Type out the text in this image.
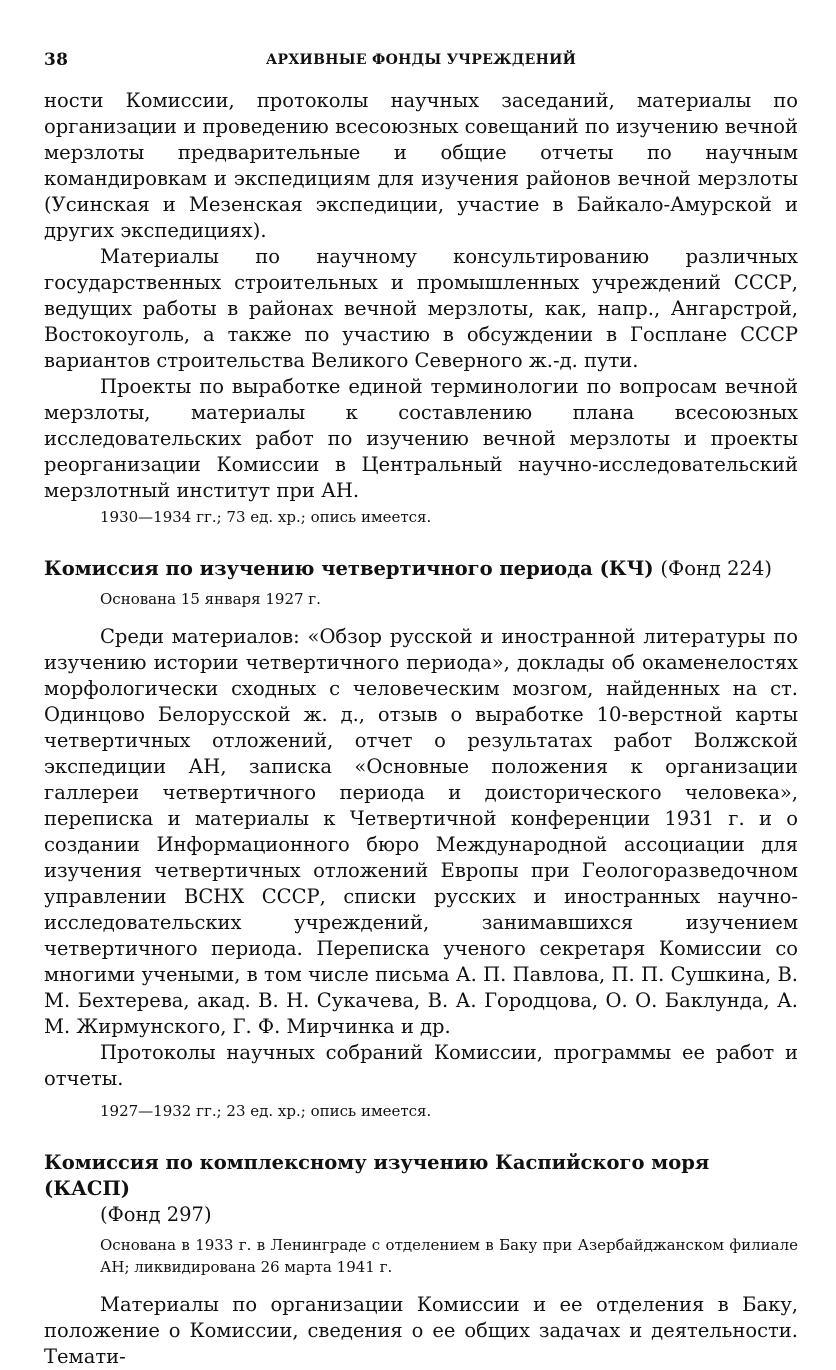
38	АРХИВНЫЕ ФОНДЫ УЧРЕЖДЕНИЙ

ности Комиссии, протоколы научных заседаний, материалы по организации и проведению всесоюзных совещаний по изучению вечной мерзлоты предварительные и общие отчеты по научным командировкам и экспедициям для изучения районов вечной мерзлоты (Усинская и Мезенская экспедиции, участие в Байкало-Амурской и других экспедициях).

Материалы по научному консультированию различных государственных строительных и промышленных учреждений СССР, ведущих работы в районах вечной мерзлоты, как, напр., Ангарстрой, Востокоуголь, а также по участию в обсуждении в Госплане СССР вариантов строительства Великого Северного ж.-д. пути.

Проекты по выработке единой терминологии по вопросам вечной мерзлоты, материалы к составлению плана всесоюзных исследовательских работ по изучению вечной мерзлоты и проекты реорганизации Комиссии в Центральный научно-исследовательский мерзлотный институт при АН.

1930—1934 гг.; 73 ед. хр.; опись имеется.
Комиссия по изучению четвертичного периода (КЧ) (Фонд 224)
Основана 15 января 1927 г.

Среди материалов: «Обзор русской и иностранной литературы по изучению истории четвертичного периода», доклады об окаменелостях морфологически сходных с человеческим мозгом, найденных на ст. Одинцово Белорусской ж. д., отзыв о выработке 10-верстной карты четвертичных отложений, отчет о результатах работ Волжской экспедиции АН, записка «Основные положения к организации галлереи четвертичного периода и доисторического человека», переписка и материалы к Четвертичной конференции 1931 г. и о создании Информационного бюро Международной ассоциации для изучения четвертичных отложений Европы при Геологоразведочном управлении ВСНХ СССР, списки русских и иностранных научно-исследовательских учреждений, занимавшихся изучением четвертичного периода. Переписка ученого секретаря Комиссии со многими учеными, в том числе письма А. П. Павлова, П. П. Сушкина, В. М. Бехтерева, акад. В. Н. Сукачева, В. А. Городцова, О. О. Баклунда, А. М. Жирмунского, Г. Ф. Мирчинка и др.

Протоколы научных собраний Комиссии, программы ее работ и отчеты.

1927—1932 гг.; 23 ед. хр.; опись имеется.
Комиссия по комплексному изучению Каспийского моря (КАСП)
(Фонд 297)
Основана в 1933 г. в Ленинграде с отделением в Баку при Азербайджанском филиале АН; ликвидирована 26 марта 1941 г.

Материалы по организации Комиссии и ее отделения в Баку, положение о Комиссии, сведения о ее общих задачах и деятельности. Темати-
